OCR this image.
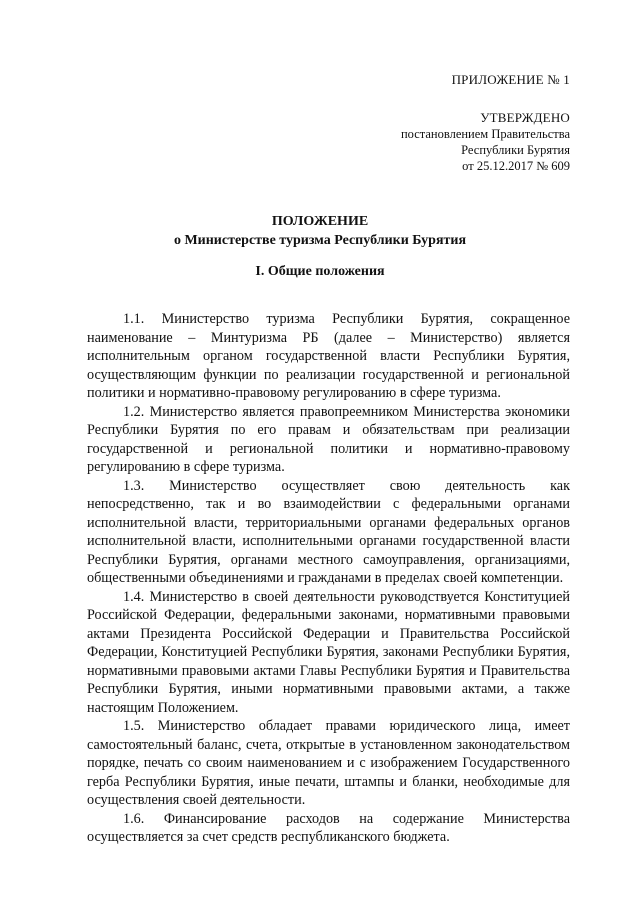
ПРИЛОЖЕНИЕ № 1
УТВЕРЖДЕНО
постановлением Правительства
Республики Бурятия
от 25.12.2017 № 609
ПОЛОЖЕНИЕ
о Министерстве туризма Республики Бурятия
I. Общие положения

1.1. Министерство туризма Республики Бурятия, сокращенное наименование – Минтуризма РБ (далее – Министерство) является исполнительным органом государственной власти Республики Бурятия, осуществляющим функции по реализации государственной и региональной политики и нормативно-правовому регулированию в сфере туризма.

1.2. Министерство является правопреемником Министерства экономики Республики Бурятия по его правам и обязательствам при реализации государственной и региональной политики и нормативно-правовому регулированию в сфере туризма.

1.3. Министерство осуществляет свою деятельность как непосредственно, так и во взаимодействии с федеральными органами исполнительной власти, территориальными органами федеральных органов исполнительной власти, исполнительными органами государственной власти Республики Бурятия, органами местного самоуправления, организациями, общественными объединениями и гражданами в пределах своей компетенции.

1.4. Министерство в своей деятельности руководствуется Конституцией Российской Федерации, федеральными законами, нормативными правовыми актами Президента Российской Федерации и Правительства Российской Федерации, Конституцией Республики Бурятия, законами Республики Бурятия, нормативными правовыми актами Главы Республики Бурятия и Правительства Республики Бурятия, иными нормативными правовыми актами, а также настоящим Положением.

1.5. Министерство обладает правами юридического лица, имеет самостоятельный баланс, счета, открытые в установленном законодательством порядке, печать со своим наименованием и с изображением Государственного герба Республики Бурятия, иные печати, штампы и бланки, необходимые для осуществления своей деятельности.

1.6. Финансирование расходов на содержание Министерства осуществляется за счет средств республиканского бюджета.
